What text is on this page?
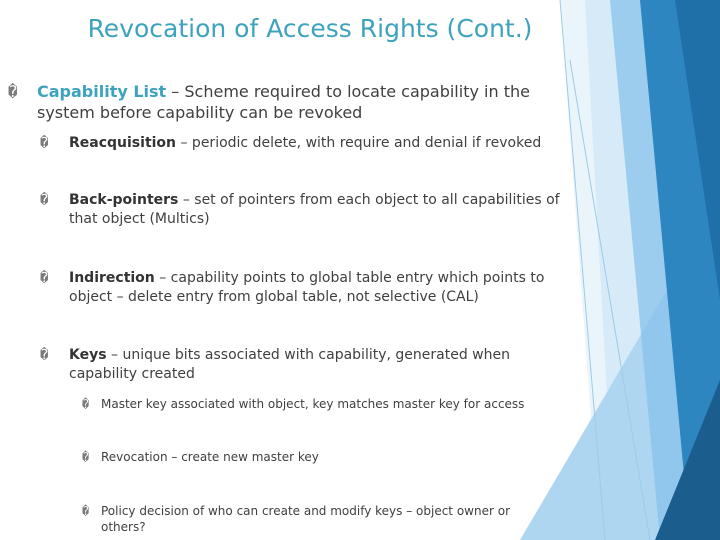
Revocation of Access Rights (Cont.)
� Capability List – Scheme required to locate capability in the system before capability can be revoked
� Reacquisition – periodic delete, with require and denial if revoked
� Back-pointers – set of pointers from each object to all capabilities of that object (Multics)
� Indirection – capability points to global table entry which points to object – delete entry from global table, not selective (CAL)
� Keys – unique bits associated with capability, generated when capability created
� Master key associated with object, key matches master key for access
� Revocation – create new master key
� Policy decision of who can create and modify keys – object owner or others?
